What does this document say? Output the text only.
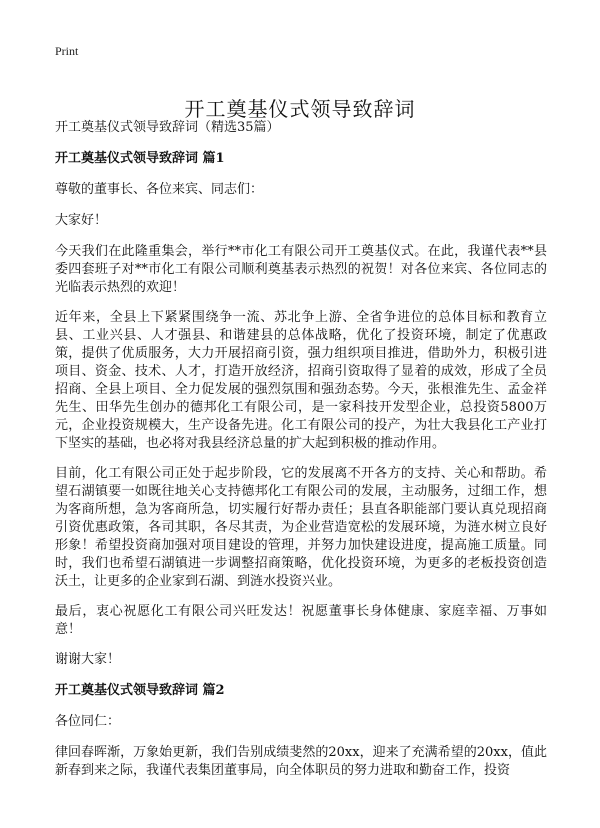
Print
开工奠基仪式领导致辞词

开工奠基仪式领导致辞词（精选35篇）

开工奠基仪式领导致辞词 篇1

尊敬的董事长、各位来宾、同志们：

大家好！

今天我们在此隆重集会，举行**市化工有限公司开工奠基仪式。在此，我谨代表**县委四套班子对**市化工有限公司顺利奠基表示热烈的祝贺！对各位来宾、各位同志的光临表示热烈的欢迎！

近年来，全县上下紧紧围绕争一流、苏北争上游、全省争进位的总体目标和教育立县、工业兴县、人才强县、和谐建县的总体战略，优化了投资环境，制定了优惠政策，提供了优质服务，大力开展招商引资，强力组织项目推进，借助外力，积极引进项目、资金、技术、人才，打造开放经济，招商引资取得了显着的成效，形成了全员招商、全县上项目、全力促发展的强烈氛围和强劲态势。今天，张根淮先生、孟金祥先生、田华先生创办的德邦化工有限公司，是一家科技开发型企业，总投资5800万元，企业投资规模大，生产设备先进。化工有限公司的投产，为壮大我县化工产业打下坚实的基础，也必将对我县经济总量的扩大起到积极的推动作用。

目前，化工有限公司正处于起步阶段，它的发展离不开各方的支持、关心和帮助。希望石湖镇要一如既往地关心支持德邦化工有限公司的发展，主动服务，过细工作，想为客商所想，急为客商所急，切实履行好帮办责任；县直各职能部门要认真兑现招商引资优惠政策，各司其职，各尽其责，为企业营造宽松的发展环境，为涟水树立良好形象！希望投资商加强对项目建设的管理，并努力加快建设进度，提高施工质量。同时，我们也希望石湖镇进一步调整招商策略，优化投资环境，为更多的老板投资创造沃土，让更多的企业家到石湖、到涟水投资兴业。

最后，衷心祝愿化工有限公司兴旺发达！祝愿董事长身体健康、家庭幸福、万事如意！

谢谢大家！

开工奠基仪式领导致辞词 篇2

各位同仁：

律回春晖渐，万象始更新，我们告别成绩斐然的20xx，迎来了充满希望的20xx，值此新春到来之际，我谨代表集团董事局，向全体职员的努力进取和勤奋工作，投资
